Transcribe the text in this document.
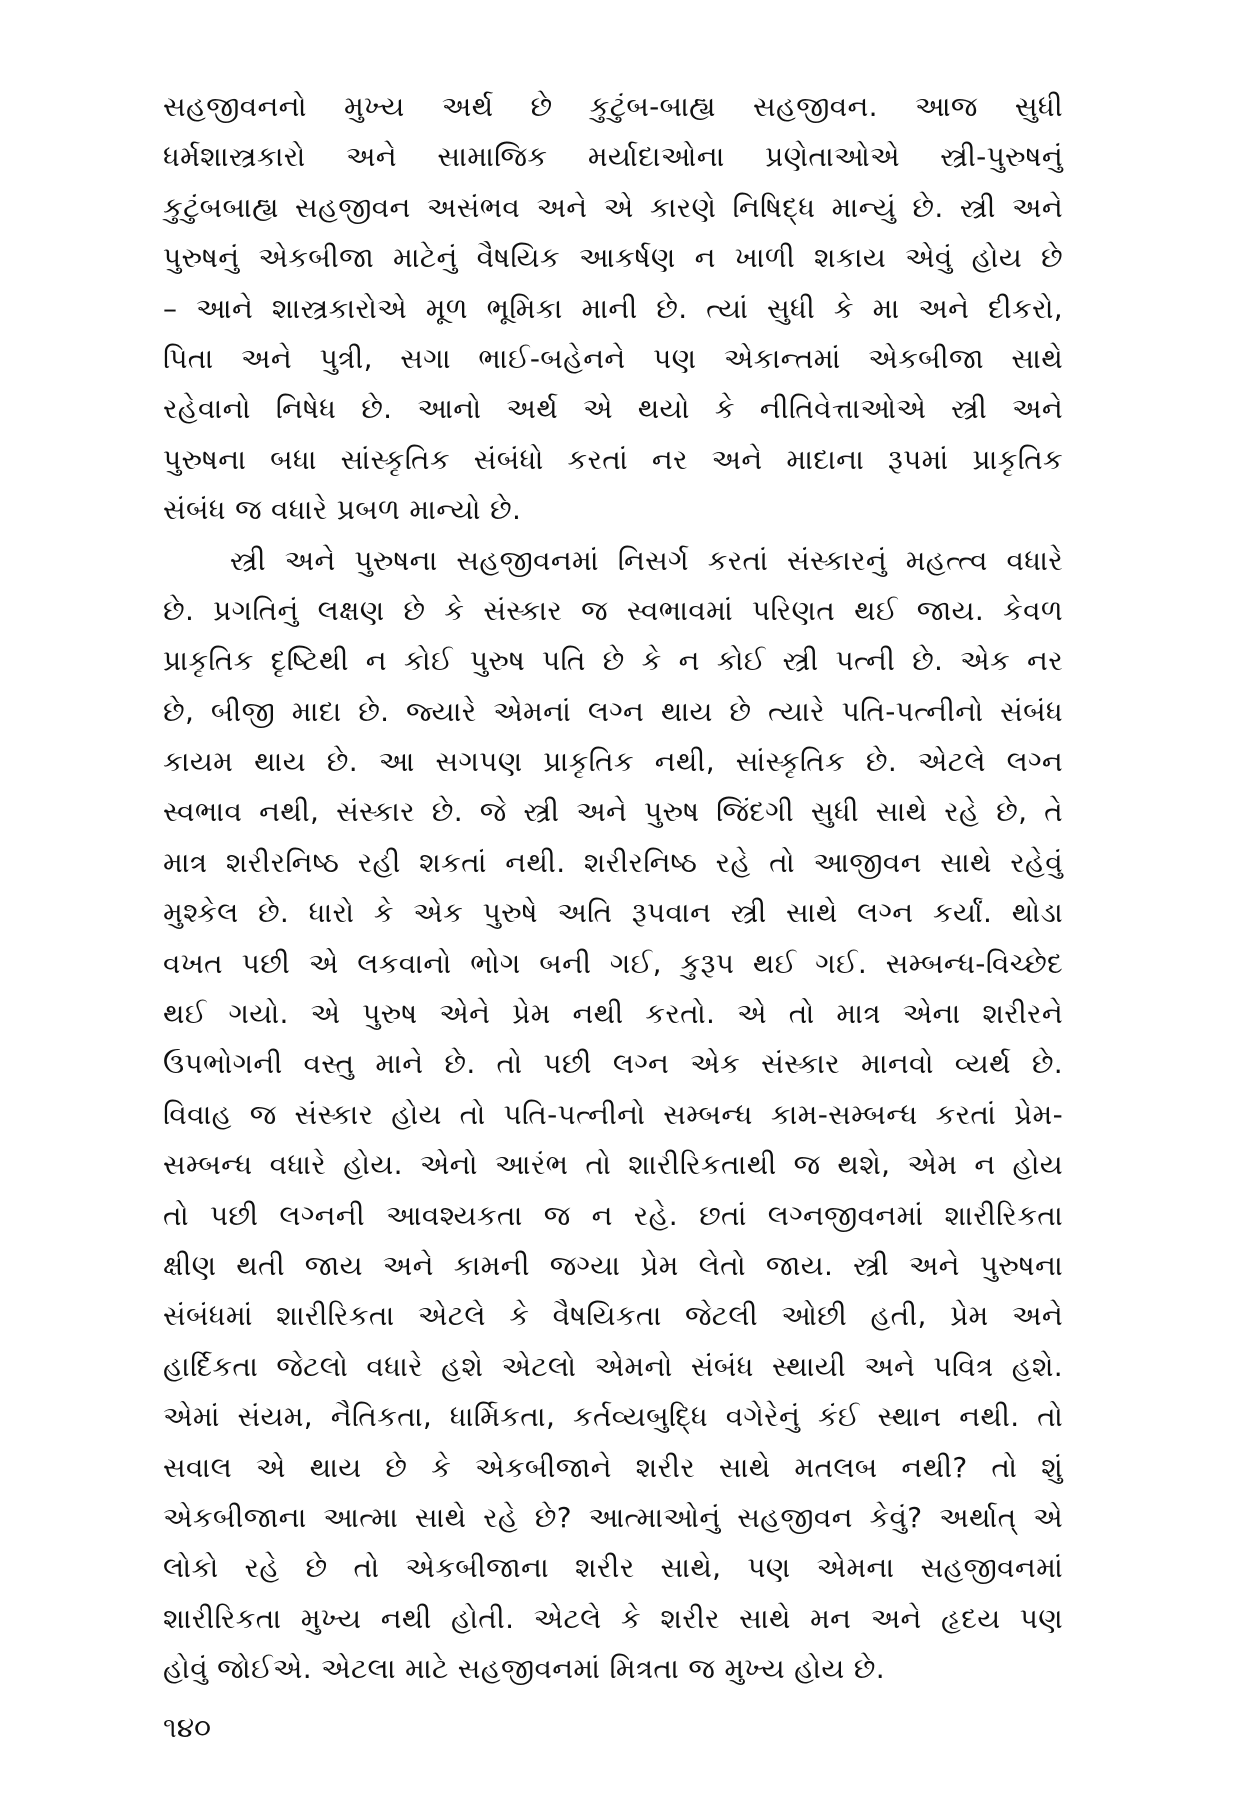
સહજીવનનો મુખ્ય અર્થ છે કુટુંબ-બાહ્ય સહજીવન. આજ સુધી
ધર્મશાસ્ત્રકારો અને સામાજિક મર્યાદાઓના પ્રણેતાઓએ સ્ત્રી-પુરુષનું
કુટુંબબાહ્ય સહજીવન અસંભવ અને એ કારણે નિષિદ્ધ માન્યું છે. સ્ત્રી અને
પુરુષનું એકબીજા માટેનું વૈષયિક આકર્ષણ ન ખાળી શકાય એવું હોય છે
– આને શાસ્ત્રકારોએ મૂળ ભૂમિકા માની છે. ત્યાં સુધી કે મા અને દીકરો,
પિતા અને પુત્રી, સગા ભાઈ-બહેનને પણ એકાન્તમાં એકબીજા સાથે
રહેવાનો નિષેધ છે. આનો અર્થ એ થયો કે નીતિવેત્તાઓએ સ્ત્રી અને
પુરુષના બધા સાંસ્કૃતિક સંબંધો કરતાં નર અને માદાના રૂપમાં પ્રાકૃતિક
સંબંધ જ વધારે પ્રબળ માન્યો છે.
સ્ત્રી અને પુરુષના સહજીવનમાં નિસર્ગ કરતાં સંસ્કારનું મહત્ત્વ વધારે
છે. પ્રગતિનું લક્ષણ છે કે સંસ્કાર જ સ્વભાવમાં પરિણત થઈ જાય. કેવળ
પ્રાકૃતિક દૃષ્ટિથી ન કોઈ પુરુષ પતિ છે કે ન કોઈ સ્ત્રી પત્ની છે. એક નર
છે, બીજી માદા છે. જ્યારે એમનાં લગ્ન થાય છે ત્યારે પતિ-પત્નીનો સંબંધ
કાયમ થાય છે. આ સગપણ પ્રાકૃતિક નથી, સાંસ્કૃતિક છે. એટલે લગ્ન
સ્વભાવ નથી, સંસ્કાર છે. જે સ્ત્રી અને પુરુષ જિંદગી સુધી સાથે રહે છે, તે
માત્ર શરીરનિષ્ઠ રહી શકતાં નથી. શરીરનિષ્ઠ રહે તો આજીવન સાથે રહેવું
મુશ્કેલ છે. ધારો કે એક પુરુષે અતિ રૂપવાન સ્ત્રી સાથે લગ્ન કર્યાં. થોડા
વખત પછી એ લકવાનો ભોગ બની ગઈ, કુરૂપ થઈ ગઈ. સમ્બન્ધ-વિચ્છેદ
થઈ ગયો. એ પુરુષ એને પ્રેમ નથી કરતો. એ તો માત્ર એના શરીરને
ઉપભોગની વસ્તુ માને છે. તો પછી લગ્ન એક સંસ્કાર માનવો વ્યર્થ છે.
વિવાહ જ સંસ્કાર હોય તો પતિ-પત્નીનો સમ્બન્ધ કામ-સમ્બન્ધ કરતાં પ્રેમ-
સમ્બન્ધ વધારે હોય. એનો આરંભ તો શારીરિકતાથી જ થશે, એમ ન હોય
તો પછી લગ્નની આવશ્યકતા જ ન રહે. છતાં લગ્નજીવનમાં શારીરિકતા
ક્ષીણ થતી જાય અને કામની જગ્યા પ્રેમ લેતો જાય. સ્ત્રી અને પુરુષના
સંબંધમાં શારીરિકતા એટલે કે વૈષયિકતા જેટલી ઓછી હતી, પ્રેમ અને
હાર્દિકતા જેટલો વધારે હશે એટલો એમનો સંબંધ સ્થાયી અને પવિત્ર હશે.
એમાં સંયમ, નૈતિકતા, ધાર્મિકતા, કર્તવ્યબુદ્ધિ વગેરેનું કંઈ સ્થાન નથી. તો
સવાલ એ થાય છે કે એકબીજાને શરીર સાથે મતલબ નથી? તો શું
એકબીજાના આત્મા સાથે રહે છે? આત્માઓનું સહજીવન કેવું? અર્થાત્ એ
લોકો રહે છે તો એકબીજાના શરીર સાથે, પણ એમના સહજીવનમાં
શારીરિકતા મુખ્ય નથી હોતી. એટલે કે શરીર સાથે મન અને હૃદય પણ
હોવું જોઈએ. એટલા માટે સહજીવનમાં મિત્રતા જ મુખ્ય હોય છે.
૧૪૦
